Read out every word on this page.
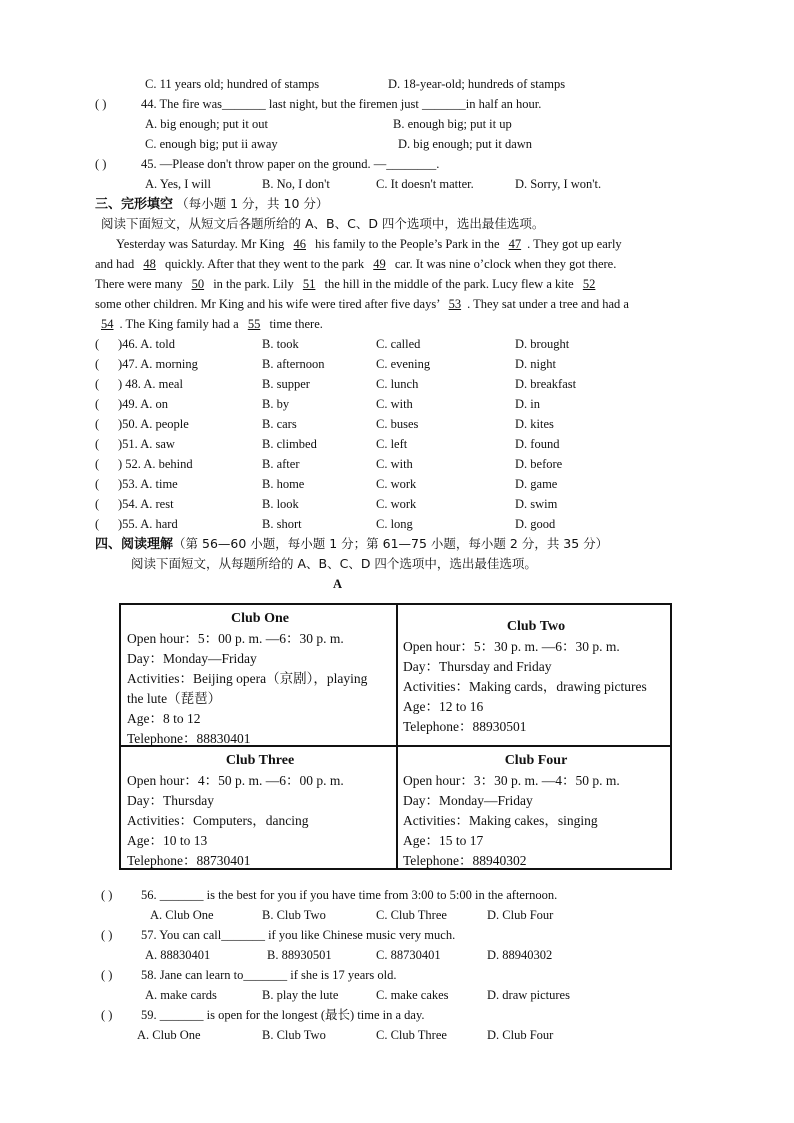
C. 11 years old; hundred of stamps	D. 18-year-old; hundreds of stamps
( )	44. The fire was_______ last night, but the firemen just _______in half an hour.
A. big enough; put it out	B. enough big; put it up
C. enough big; put ii away	D. big enough; put it dawn
( )	45. —Please don't throw paper on the ground. —________.
A. Yes, I will	B. No, I don't	C. It doesn't matter.	D. Sorry, I won't.
三、完形填空 （每小题 1 分，共 10 分）
阅读下面短文，从短文后各题所给的 A、B、C、D 四个选项中，选出最佳选项。
Yesterday was Saturday. Mr King 46 his family to the People’s Park in the 47 . They got up early
and had 48 quickly. After that they went to the park 49 car. It was nine o’clock when they got there.
There were many 50 in the park. Lily 51 the hill in the middle of the park. Lucy flew a kite 52
some other children. Mr King and his wife were tired after five days’ 53 . They sat under a tree and had a
54 . The King family had a 55 time there.
( )46. A. told	B. took	C. called	D. brought
( )47. A. morning	B. afternoon	C. evening	D. night
( ) 48. A. meal	B. supper	C. lunch	D. breakfast
( )49. A. on	B. by	C. with	D. in
( )50. A. people	B. cars	C. buses	D. kites
( )51. A. saw	B. climbed	C. left	D. found
( ) 52. A. behind	B. after	C. with	D. before
( )53. A. time	B. home	C. work	D. game
( )54. A. rest	B. look	C. work	D. swim
( )55. A. hard	B. short	C. long	D. good
四、阅读理解（第 56—60 小题，每小题 1 分；第 61—75 小题，每小题 2 分，共 35 分）
阅读下面短文，从每题所给的 A、B、C、D 四个选项中，选出最佳选项。
A
Club One
Open hour：5：00 p. m. —6：30 p. m.
Day：Monday—Friday
Activities：Beijing opera（京剧），playing
the lute（琵琶）
Age：8 to 12
Telephone：88830401
Club Two
Open hour：5：30 p. m. —6：30 p. m.
Day：Thursday and Friday
Activities：Making cards，drawing pictures
Age：12 to 16
Telephone：88930501
Club Three
Open hour：4：50 p. m. —6：00 p. m.
Day：Thursday
Activities：Computers，dancing
Age：10 to 13
Telephone：88730401
Club Four
Open hour：3：30 p. m. —4：50 p. m.
Day：Monday—Friday
Activities：Making cakes，singing
Age：15 to 17
Telephone：88940302
( ) 56. _______ is the best for you if you have time from 3:00 to 5:00 in the afternoon.
A. Club One	B. Club Two	C. Club Three	D. Club Four
( ) 57. You can call_______ if you like Chinese music very much.
A. 88830401	B. 88930501	C. 88730401	D. 88940302
( ) 58. Jane can learn to_______ if she is 17 years old.
A. make cards	B. play the lute	C. make cakes	D. draw pictures
( ) 59. _______ is open for the longest (最长) time in a day.
A. Club One	B. Club Two	C. Club Three	D. Club Four
